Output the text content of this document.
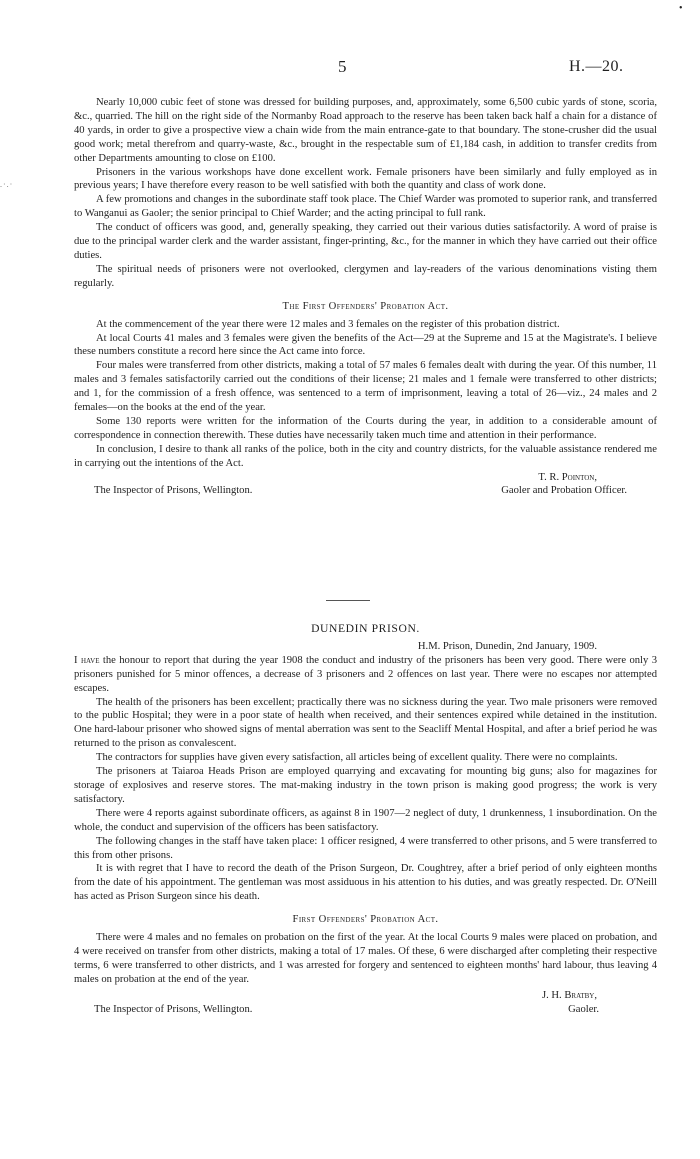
•
5	H.—20.
.·.·

Nearly 10,000 cubic feet of stone was dressed for building purposes, and, approximately, some 6,500 cubic yards of stone, scoria, &c., quarried. The hill on the right side of the Normanby Road approach to the reserve has been taken back half a chain for a distance of 40 yards, in order to give a prospective view a chain wide from the main entrance-gate to that boundary. The stone-crusher did the usual good work; metal therefrom and quarry-waste, &c., brought in the respectable sum of £1,184 cash, in addition to transfer credits from other Departments amounting to close on £100.

Prisoners in the various workshops have done excellent work. Female prisoners have been similarly and fully employed as in previous years; I have therefore every reason to be well satisfied with both the quantity and class of work done.

A few promotions and changes in the subordinate staff took place. The Chief Warder was promoted to superior rank, and transferred to Wanganui as Gaoler; the senior principal to Chief Warder; and the acting principal to full rank.

The conduct of officers was good, and, generally speaking, they carried out their various duties satisfactorily. A word of praise is due to the principal warder clerk and the warder assistant, finger-printing, &c., for the manner in which they have carried out their office duties.

The spiritual needs of prisoners were not overlooked, clergymen and lay-readers of the various denominations visting them regularly.

The First Offenders' Probation Act.

At the commencement of the year there were 12 males and 3 females on the register of this probation district.

At local Courts 41 males and 3 females were given the benefits of the Act—29 at the Supreme and 15 at the Magistrate's. I believe these numbers constitute a record here since the Act came into force.

Four males were transferred from other districts, making a total of 57 males 6 females dealt with during the year. Of this number, 11 males and 3 females satisfactorily carried out the conditions of their license; 21 males and 1 female were transferred to other districts; and 1, for the commission of a fresh offence, was sentenced to a term of imprisonment, leaving a total of 26—viz., 24 males and 2 females—on the books at the end of the year.

Some 130 reports were written for the information of the Courts during the year, in addition to a considerable amount of correspondence in connection therewith. These duties have necessarily taken much time and attention in their performance.

In conclusion, I desire to thank all ranks of the police, both in the city and country districts, for the valuable assistance rendered me in carrying out the intentions of the Act.

T. R. Pointon,
The Inspector of Prisons, Wellington.	Gaoler and Probation Officer.
DUNEDIN PRISON.
H.M. Prison, Dunedin, 2nd January, 1909.

I have the honour to report that during the year 1908 the conduct and industry of the prisoners has been very good. There were only 3 prisoners punished for 5 minor offences, a decrease of 3 prisoners and 2 offences on last year. There were no escapes nor attempted escapes.

The health of the prisoners has been excellent; practically there was no sickness during the year. Two male prisoners were removed to the public Hospital; they were in a poor state of health when received, and their sentences expired while detained in the institution. One hard-labour prisoner who showed signs of mental aberration was sent to the Seacliff Mental Hospital, and after a brief period he was returned to the prison as convalescent.

The contractors for supplies have given every satisfaction, all articles being of excellent quality. There were no complaints.

The prisoners at Taiaroa Heads Prison are employed quarrying and excavating for mounting big guns; also for magazines for storage of explosives and reserve stores. The mat-making industry in the town prison is making good progress; the work is very satisfactory.

There were 4 reports against subordinate officers, as against 8 in 1907—2 neglect of duty, 1 drunkenness, 1 insubordination. On the whole, the conduct and supervision of the officers has been satisfactory.

The following changes in the staff have taken place: 1 officer resigned, 4 were transferred to other prisons, and 5 were transferred to this from other prisons.

It is with regret that I have to record the death of the Prison Surgeon, Dr. Coughtrey, after a brief period of only eighteen months from the date of his appointment. The gentleman was most assiduous in his attention to his duties, and was greatly respected. Dr. O'Neill has acted as Prison Surgeon since his death.

First Offenders' Probation Act.

There were 4 males and no females on probation on the first of the year. At the local Courts 9 males were placed on probation, and 4 were received on transfer from other districts, making a total of 17 males. Of these, 6 were discharged after completing their respective terms, 6 were transferred to other districts, and 1 was arrested for forgery and sentenced to eighteen months' hard labour, thus leaving 4 males on probation at the end of the year.

J. H. Bratby,
The Inspector of Prisons, Wellington.	Gaoler.
